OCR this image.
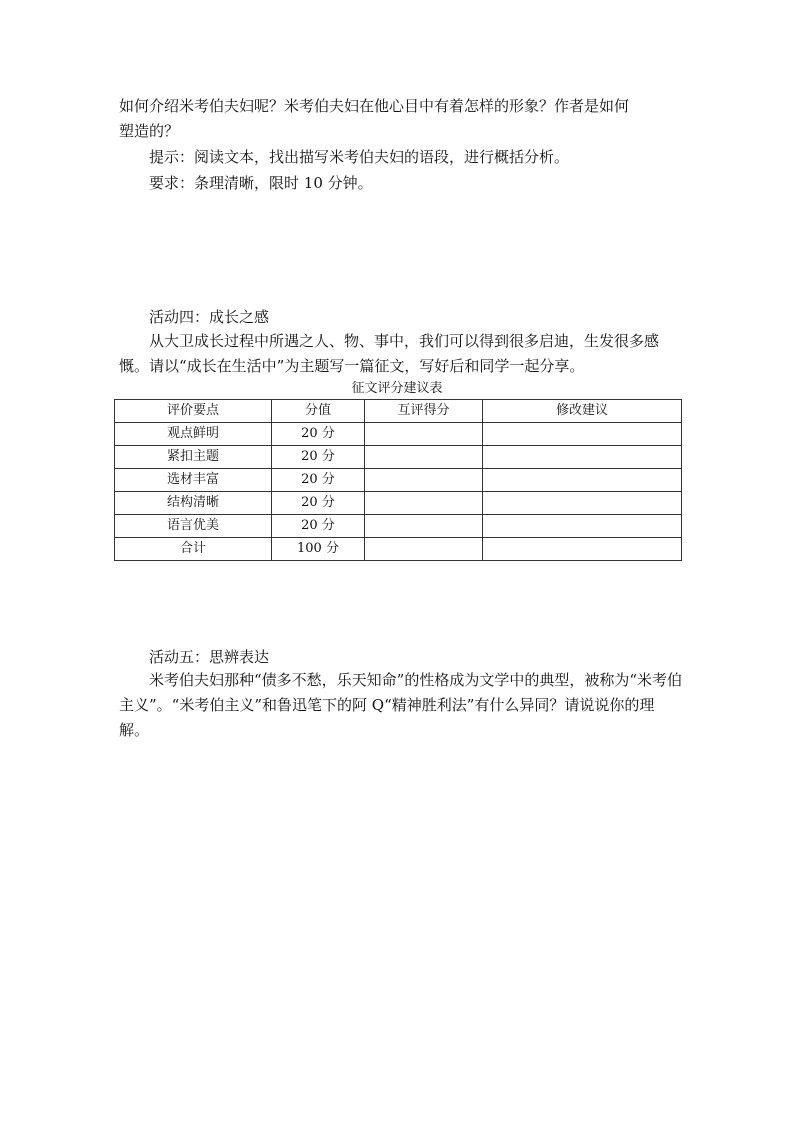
如何介绍米考伯夫妇呢？米考伯夫妇在他心目中有着怎样的形象？作者是如何

塑造的？

提示：阅读文本，找出描写米考伯夫妇的语段，进行概括分析。

要求：条理清晰，限时 10 分钟。

活动四：成长之感

从大卫成长过程中所遇之人、物、事中，我们可以得到很多启迪，生发很多感慨。请以“成长在生活中”为主题写一篇征文，写好后和同学一起分享。

征文评分建议表
评价要点	分值	互评得分	修改建议
观点鲜明	20 分		
紧扣主题	20 分		
选材丰富	20 分		
结构清晰	20 分		
语言优美	20 分		
合计	100 分		

活动五：思辨表达

米考伯夫妇那种“债多不愁，乐天知命”的性格成为文学中的典型，被称为“米考伯主义”。“米考伯主义”和鲁迅笔下的阿 Q“精神胜利法”有什么异同？请说说你的理解。
